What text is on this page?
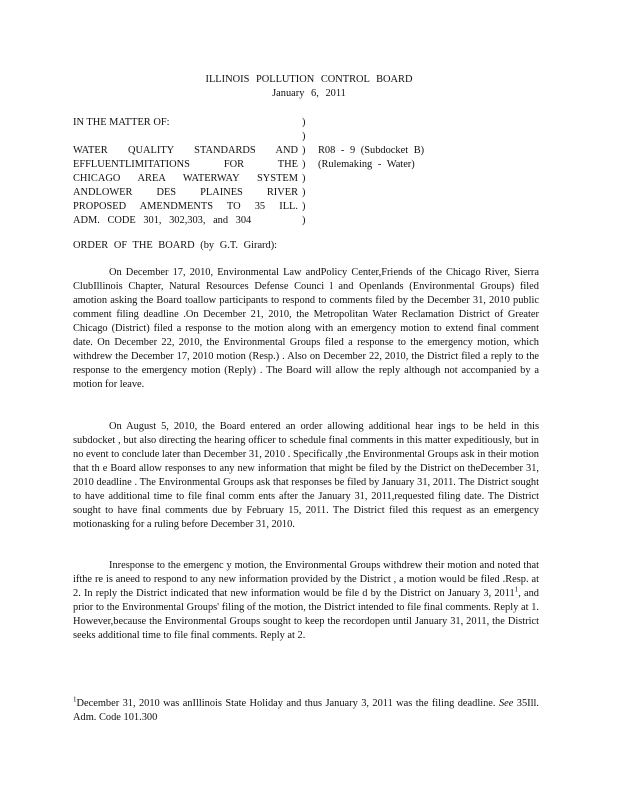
ILLINOIS POLLUTION CONTROL BOARD
January 6, 2011
IN THE MATTER OF:
WATER QUALITY STANDARDS AND
EFFLUENTLIMITATIONS FOR THE
CHICAGO AREA WATERWAY SYSTEM
ANDLOWER DES PLAINES RIVER
PROPOSED AMENDMENTS TO 35 ILL.
ADM. CODE 301, 302,303, and 304
)
)
)
)
)
)
)
)
R08 - 9 (Subdocket B)
(Rulemaking - Water)
ORDER OF THE BOARD (by G.T. Girard):

On December 17, 2010, Environmental Law andPolicy Center,Friends of the Chicago River, Sierra ClubIllinois Chapter, Natural Resources Defense Counci l and Openlands (Environmental Groups) filed amotion asking the Board toallow participants to respond to comments filed by the December 31, 2010 public comment filing deadline .On December 21, 2010, the Metropolitan Water Reclamation District of Greater Chicago (District) filed a response to the motion along with an emergency motion to extend final comment date. On December 22, 2010, the Environmental Groups filed a response to the emergency motion, which withdrew the December 17, 2010 motion (Resp.) . Also on December 22, 2010, the District filed a reply to the response to the emergency motion (Reply) . The Board will allow the reply although not accompanied by a motion for leave.

On August 5, 2010, the Board entered an order allowing additional hear ings to be held in this subdocket , but also directing the hearing officer to schedule final comments in this matter expeditiously, but in no event to conclude later than December 31, 2010 . Specifically ,the Environmental Groups ask in their motion that th e Board allow responses to any new information that might be filed by the District on theDecember 31, 2010 deadline . The Environmental Groups ask that responses be filed by January 31, 2011. The District sought to have additional time to file final comm ents after the January 31, 2011,requested filing date. The District sought to have final comments due by February 15, 2011. The District filed this request as an emergency motionasking for a ruling before December 31, 2010.

Inresponse to the emergenc y motion, the Environmental Groups withdrew their motion and noted that ifthe re is aneed to respond to any new information provided by the District , a motion would be filed .Resp. at 2. In reply the District indicated that new information would be file d by the District on January 3, 2011$^1$, and prior to the Environmental Groups' filing of the motion, the District intended to file final comments. Reply at 1. However,because the Environmental Groups sought to keep the recordopen until January 31, 2011, the District seeks additional time to file final comments. Reply at 2.

$^1$December 31, 2010 was anIllinois State Holiday and thus January 3, 2011 was the filing deadline. See 35Ill. Adm. Code 101.300
